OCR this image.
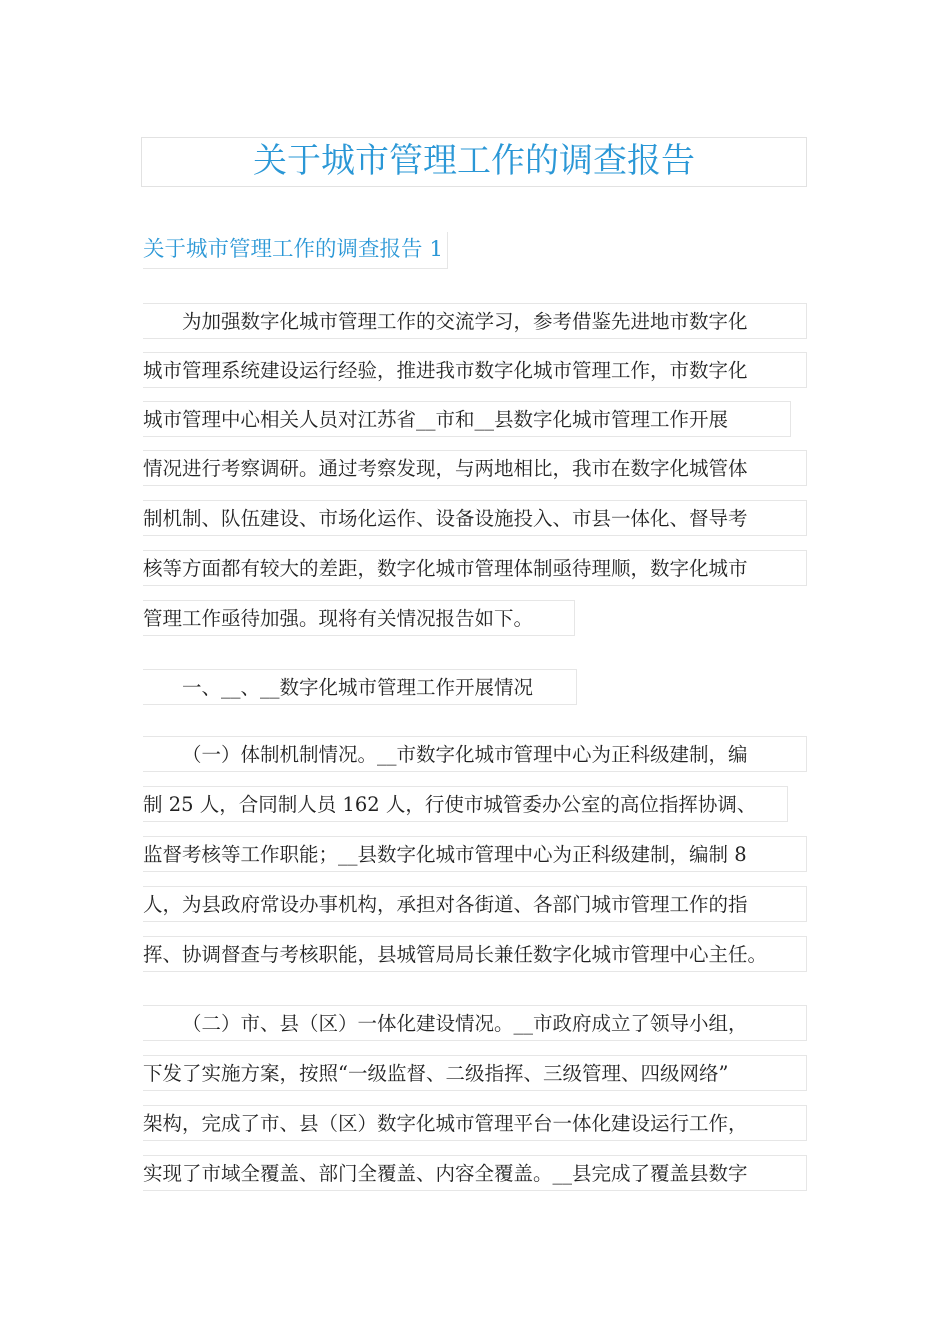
关于城市管理工作的调查报告
关于城市管理工作的调查报告 1
为加强数字化城市管理工作的交流学习，参考借鉴先进地市数字化
城市管理系统建设运行经验，推进我市数字化城市管理工作，市数字化
城市管理中心相关人员对江苏省__市和__县数字化城市管理工作开展
情况进行考察调研。通过考察发现，与两地相比，我市在数字化城管体
制机制、队伍建设、市场化运作、设备设施投入、市县一体化、督导考
核等方面都有较大的差距，数字化城市管理体制亟待理顺，数字化城市
管理工作亟待加强。现将有关情况报告如下。
一、__、__数字化城市管理工作开展情况
（一）体制机制情况。__市数字化城市管理中心为正科级建制，编
制 25 人，合同制人员 162 人，行使市城管委办公室的高位指挥协调、
监督考核等工作职能；__县数字化城市管理中心为正科级建制，编制 8
人，为县政府常设办事机构，承担对各街道、各部门城市管理工作的指
挥、协调督查与考核职能，县城管局局长兼任数字化城市管理中心主任。
（二）市、县（区）一体化建设情况。__市政府成立了领导小组，
下发了实施方案，按照“一级监督、二级指挥、三级管理、四级网络”
架构，完成了市、县（区）数字化城市管理平台一体化建设运行工作，
实现了市域全覆盖、部门全覆盖、内容全覆盖。__县完成了覆盖县数字
